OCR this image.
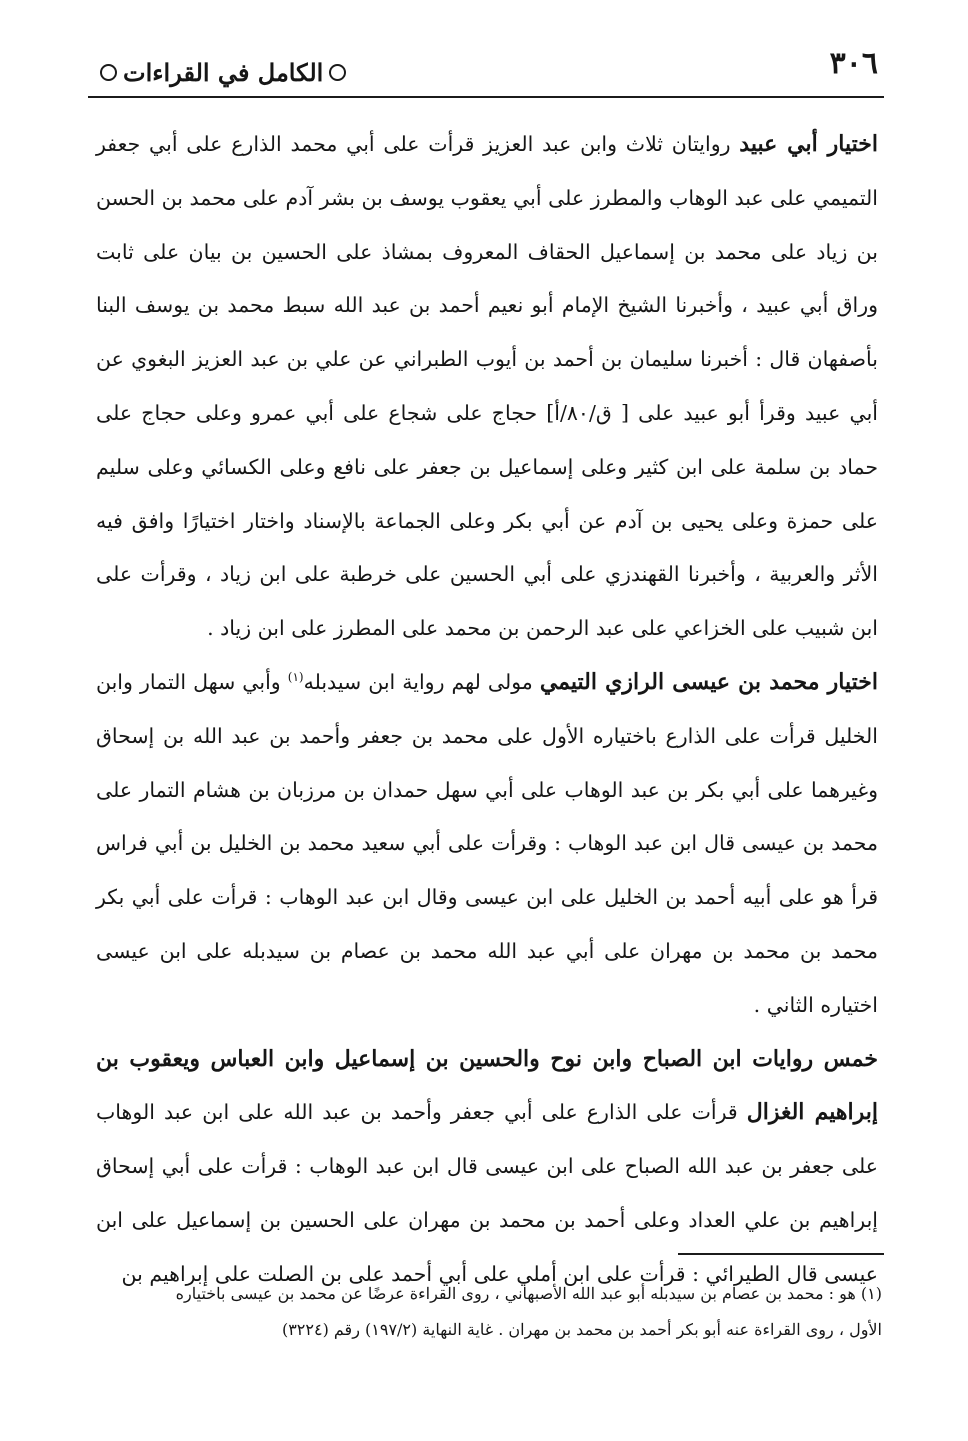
٣٠٦
الكامل في القراءات

اختيار أبي عبيد روايتان ثلاث وابن عبد العزيز قرأت على أبي محمد الذارع على أبي جعفر التميمي على عبد الوهاب والمطرز على أبي يعقوب يوسف بن بشر آدم على محمد بن الحسن بن زياد على محمد بن إسماعيل الحقاف المعروف بمشاذ على الحسين بن بيان على ثابت وراق أبي عبيد ، وأخبرنا الشيخ الإمام أبو نعيم أحمد بن عبد الله سبط محمد بن يوسف البنا بأصفهان قال : أخبرنا سليمان بن أحمد بن أيوب الطبراني عن علي بن عبد العزيز البغوي عن أبي عبيد وقرأ أبو عبيد على [ ق/٨٠/أ] حجاج على شجاع على أبي عمرو وعلى حجاج على حماد بن سلمة على ابن كثير وعلى إسماعيل بن جعفر على نافع وعلى الكسائي وعلى سليم على حمزة وعلى يحيى بن آدم عن أبي بكر وعلى الجماعة بالإسناد واختار اختيارًا وافق فيه الأثر والعربية ، وأخبرنا القهندزي على أبي الحسين على خرطبة على ابن زياد ، وقرأت على ابن شبيب على الخزاعي على عبد الرحمن بن محمد على المطرز على ابن زياد .

اختيار محمد بن عيسى الرازي التيمي مولى لهم رواية ابن سيدبله$^{(١)}$ وأبي سهل التمار وابن الخليل قرأت على الذارع باختياره الأول على محمد بن جعفر وأحمد بن عبد الله بن إسحاق وغيرهما على أبي بكر بن عبد الوهاب على أبي سهل حمدان بن مرزبان بن هشام التمار على محمد بن عيسى قال ابن عبد الوهاب : وقرأت على أبي سعيد محمد بن الخليل بن أبي فراس قرأ هو على أبيه أحمد بن الخليل على ابن عيسى وقال ابن عبد الوهاب : قرأت على أبي بكر محمد بن محمد بن مهران على أبي عبد الله محمد بن عصام بن سيدبله على ابن عيسى اختياره الثاني .

خمس روايات ابن الصباح وابن نوح والحسين بن إسماعيل وابن العباس ويعقوب بن إبراهيم الغزال قرأت على الذارع على أبي جعفر وأحمد بن عبد الله على ابن عبد الوهاب على جعفر بن عبد الله الصباح على ابن عيسى قال ابن عبد الوهاب : قرأت على أبي إسحاق إبراهيم بن علي العداد وعلى أحمد بن محمد بن مهران على الحسين بن إسماعيل على ابن عيسى قال الطيرائي : قرأت على ابن أملي على أبي أحمد على بن الصلت على إبراهيم بن

(١) هو : محمد بن عصام بن سيدبله أبو عبد الله الأصبهاني ، روى القراءة عرضًا عن محمد بن عيسى باختياره

الأول ، روى القراءة عنه أبو بكر أحمد بن محمد بن مهران . غاية النهاية (١٩٧/٢) رقم (٣٢٢٤)
